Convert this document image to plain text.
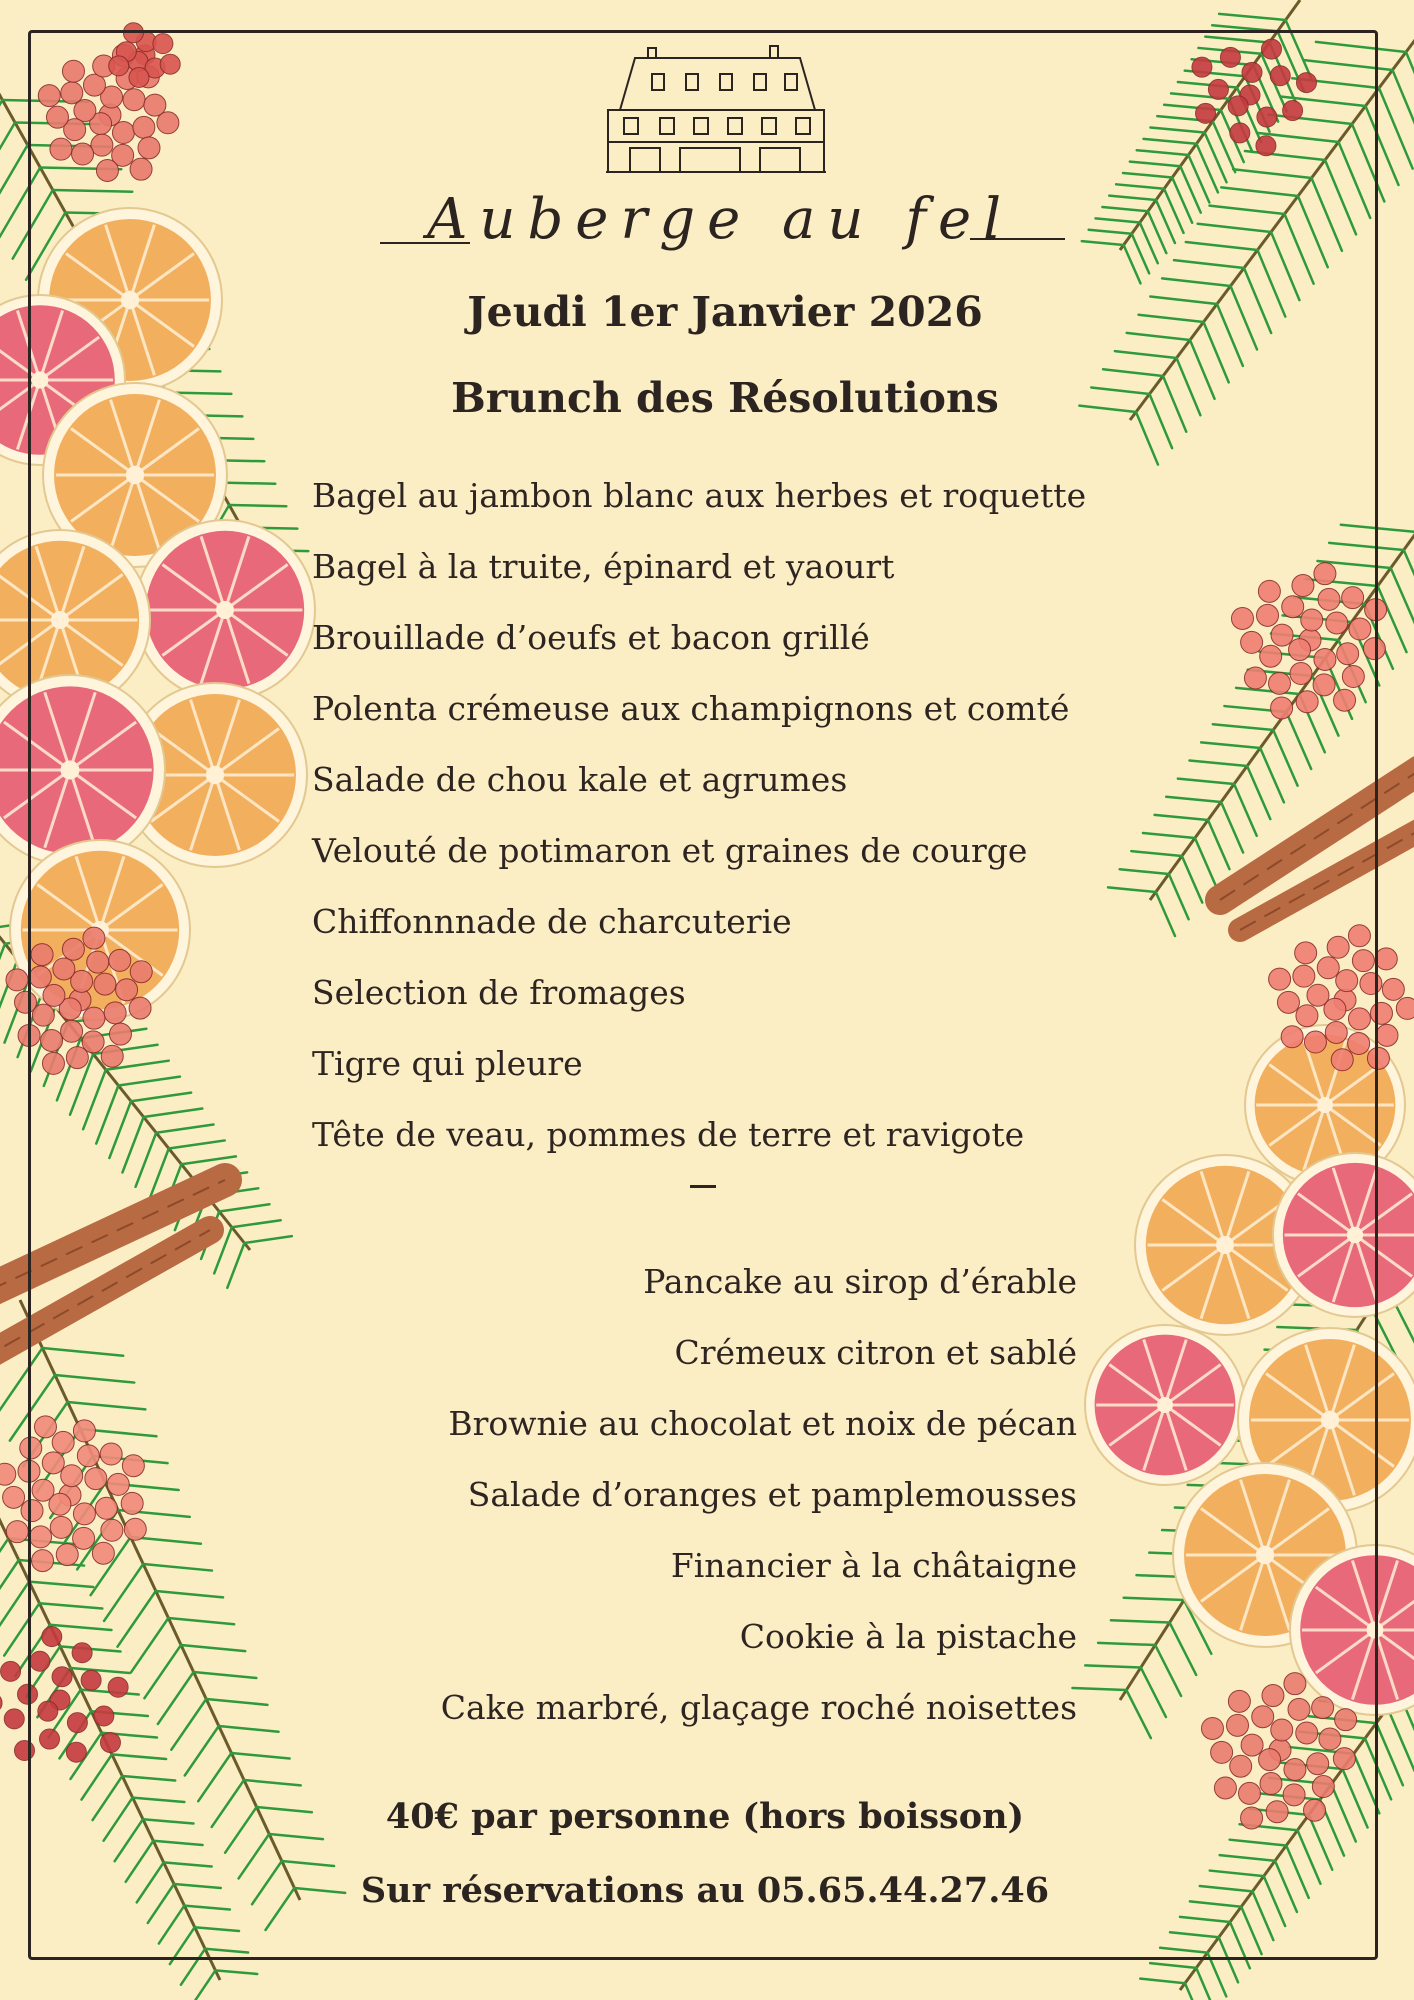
Auberge au fel
Jeudi 1er Janvier 2026
Brunch des Résolutions
Bagel au jambon blanc aux herbes et roquette
Bagel à la truite, épinard et yaourt
Brouillade d’oeufs et bacon grillé
Polenta crémeuse aux champignons et comté
Salade de chou kale et agrumes
Velouté de potimaron et graines de courge
Chiffonnnade de charcuterie
Selection de fromages
Tigre qui pleure
Tête de veau, pommes de terre et ravigote
Pancake au sirop d’érable
Crémeux citron et sablé
Brownie au chocolat et noix de pécan
Salade d’oranges et pamplemousses
Financier à la châtaigne
Cookie à la pistache
Cake marbré, glaçage roché noisettes
40€ par personne (hors boisson)
Sur réservations au 05.65.44.27.46
